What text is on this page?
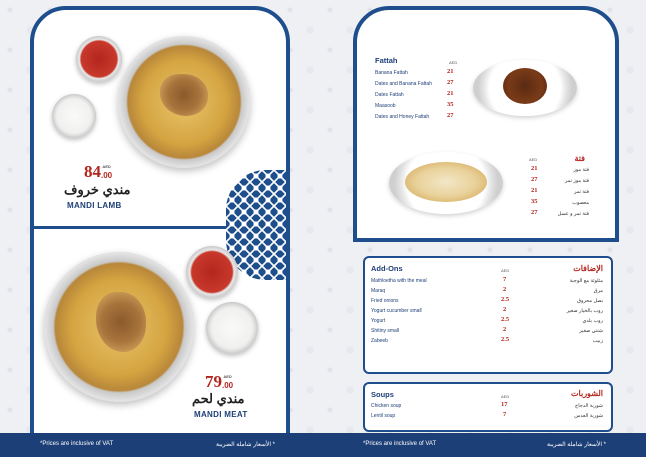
84 AED
.00
مندي خروف
MANDI LAMB
79 AED
.00
مندي لحم
MANDI MEAT
*Prices are inclusive of VAT	* الأسعار شاملة الضريبة
Fattah	AED
Banana Fattah	21
Dates and Banana Fattah 27
Dates Fattah	21
Maasoob	35
Dates and Honey Fattah	27
AED	فتة
21	فتة موز
27	فتة موز تمر
21	فتة تمر
35	معصوب
27	فتة تمر و عسل
Add-Ons	AED	الإضافات
Mathloetha with the meal	7	مثلوثة مع الوجبة
Maraq	2	مرق
Fried onions	2.5	بصل محروق
Yogurt cucumber small	2	روب بالخيار صغير
Yogurt	2.5	روب بلدي
Shitiny small	2	شتني صغير
Zabeeb	2.5	زبيب
Soups	AED	الشوربات
Chicken soup	17	شوربة الدجاج
Lentil soup	7	شوربة العدس
*Prices are inclusive of VAT	* الأسعار شاملة الضريبة
